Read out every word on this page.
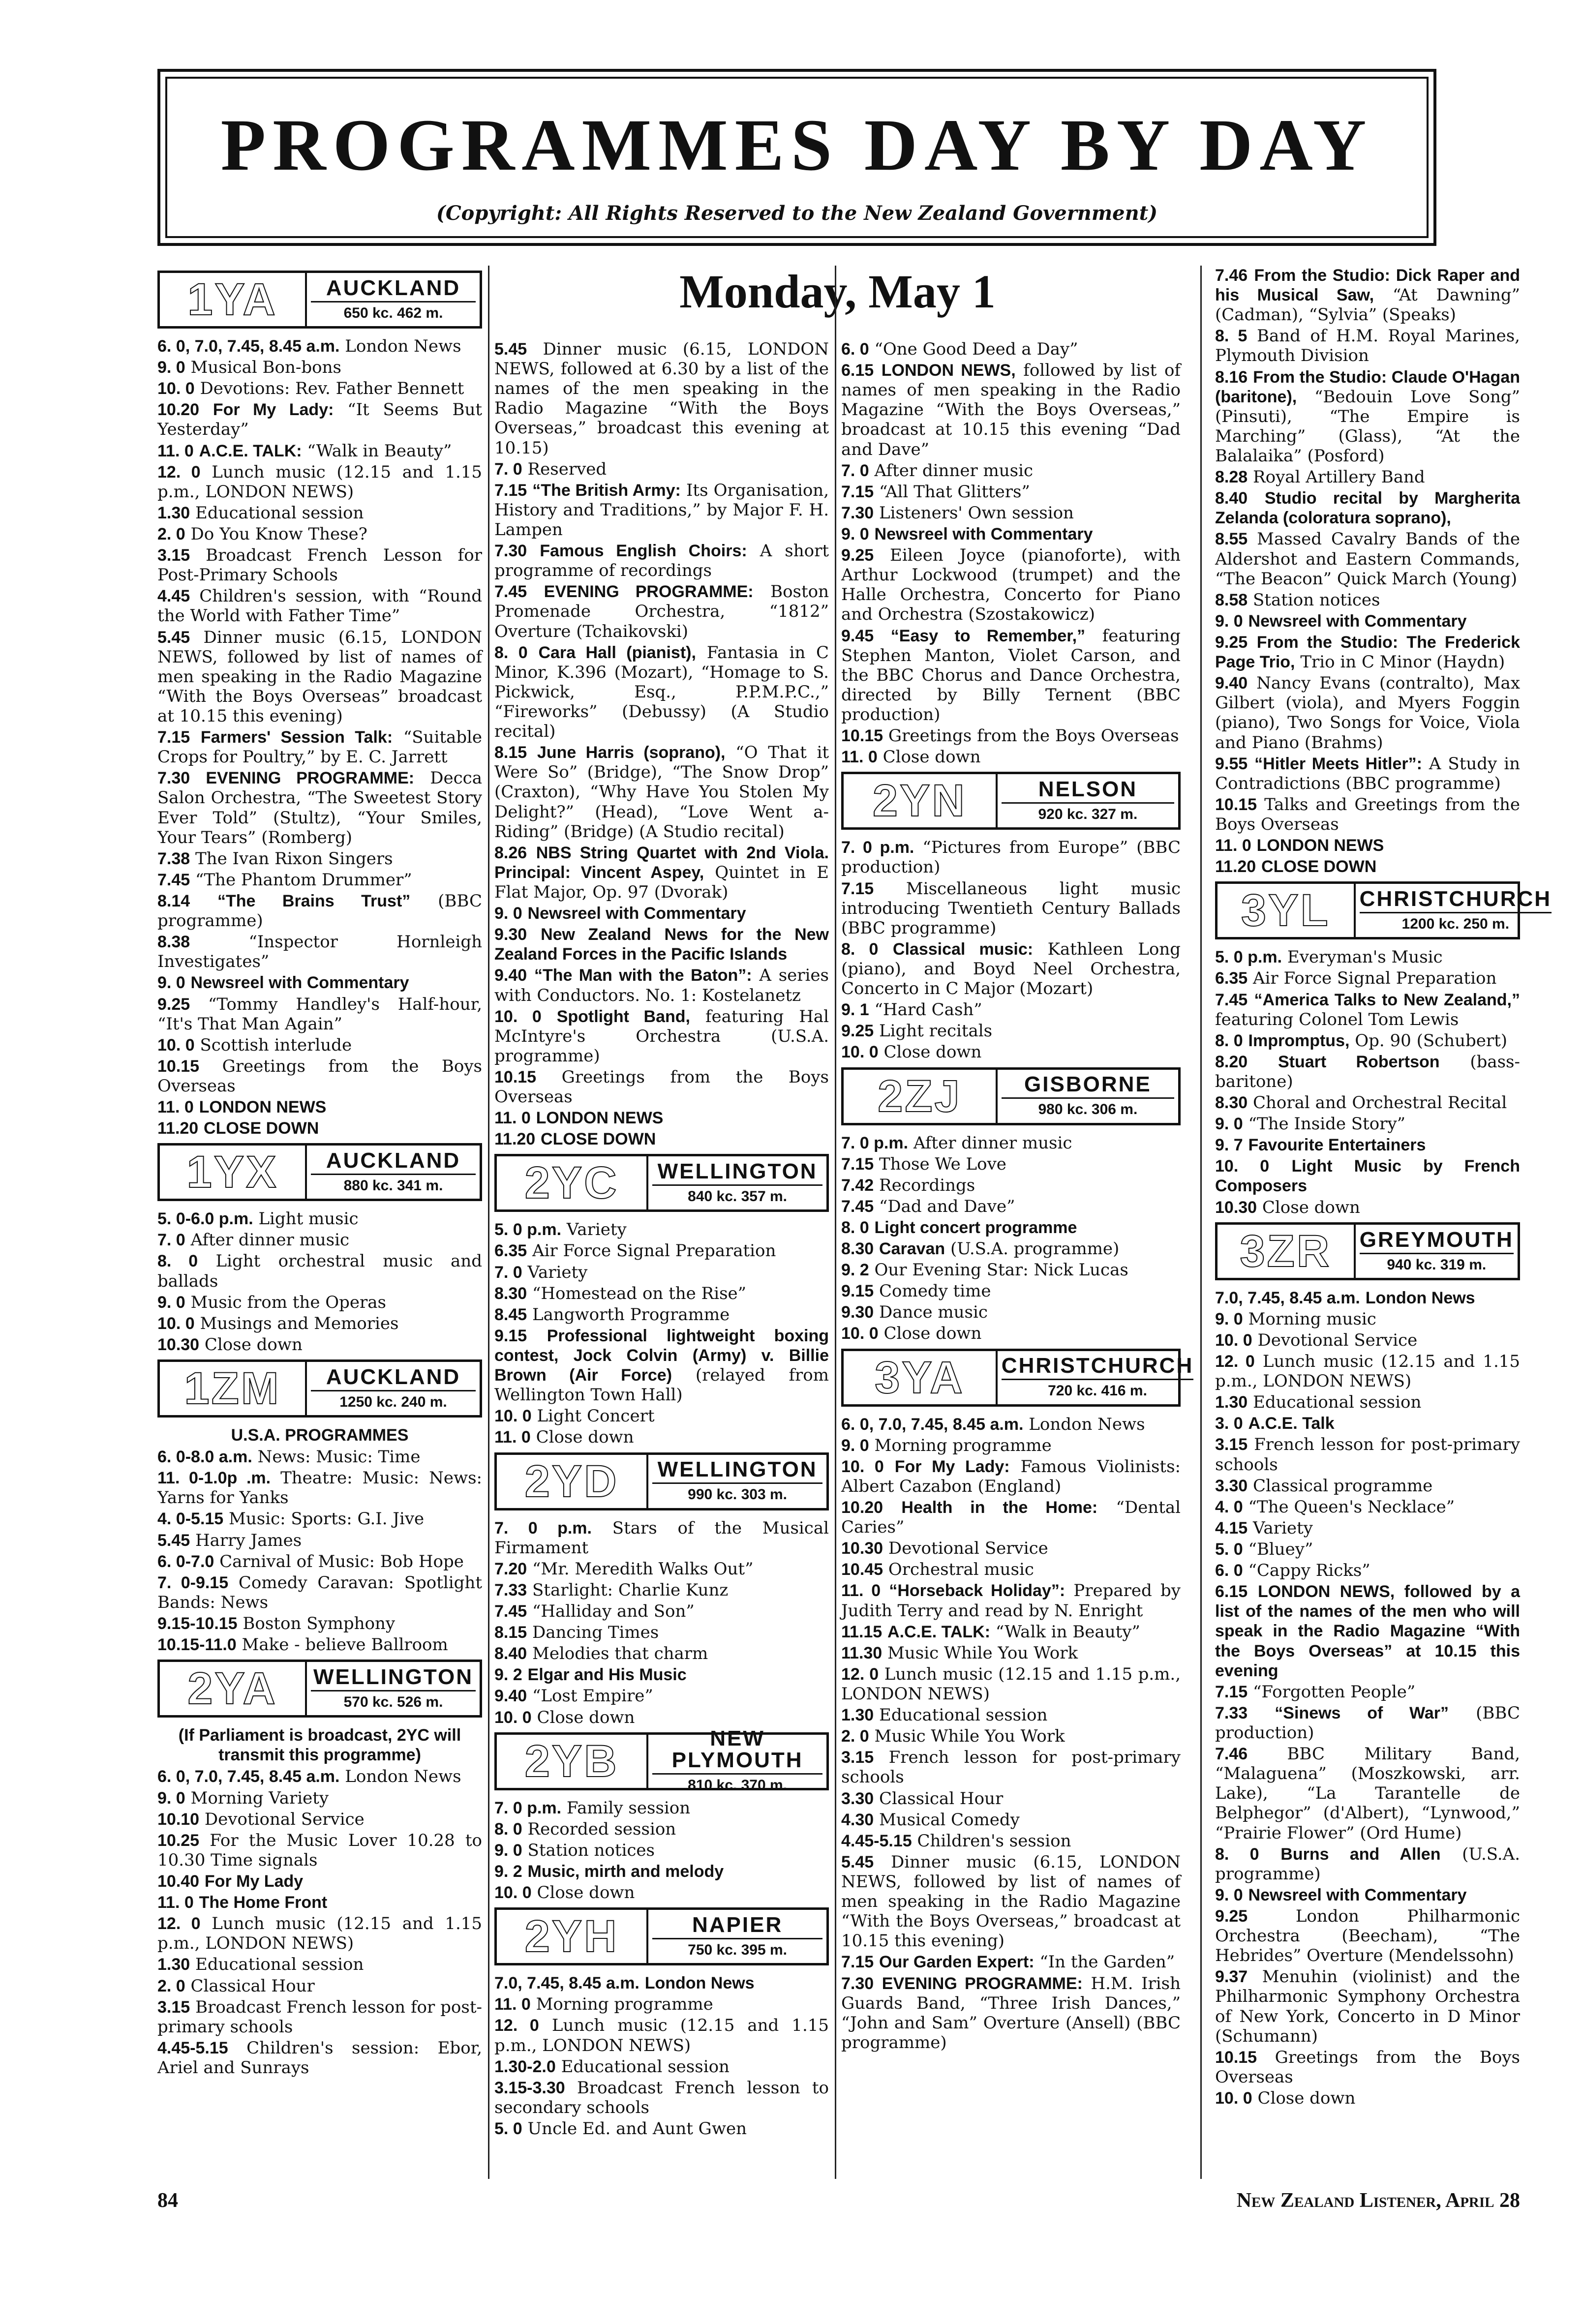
PROGRAMMES DAY BY DAY

(Copyright: All Rights Reserved to the New Zealand Government)

Monday, May 1
1YA	AUCKLAND
650 kc. 462 m.
6. 0, 7.0, 7.45, 8.45 a.m. London News
9. 0 Musical Bon-bons
10. 0 Devotions: Rev. Father Bennett
10.20 For My Lady: “It Seems But Yesterday”
11. 0 A.C.E. TALK: “Walk in Beauty”
12. 0 Lunch music (12.15 and 1.15 p.m., LONDON NEWS)
1.30 Educational session
2. 0 Do You Know These?
3.15 Broadcast French Lesson for Post-Primary Schools
4.45 Children's session, with “Round the World with Father Time”
5.45 Dinner music (6.15, LONDON NEWS, followed by list of names of men speaking in the Radio Magazine “With the Boys Overseas” broadcast at 10.15 this evening)
7.15 Farmers' Session Talk: “Suitable Crops for Poultry,” by E. C. Jarrett
7.30 EVENING PROGRAMME: Decca Salon Orchestra, “The Sweetest Story Ever Told” (Stultz), “Your Smiles, Your Tears” (Romberg)
7.38 The Ivan Rixon Singers
7.45 “The Phantom Drummer”
8.14 “The Brains Trust” (BBC programme)
8.38	“Inspector Hornleigh Investigates”
9. 0 Newsreel with Commentary
9.25 “Tommy Handley's Half-hour, “It's That Man Again”
10. 0 Scottish interlude
10.15 Greetings from the Boys Overseas
11. 0 LONDON NEWS
11.20 CLOSE DOWN
1YX	AUCKLAND
880 kc. 341 m.
5. 0-6.0 p.m. Light music
7. 0 After dinner music
8. 0 Light orchestral music and ballads
9. 0 Music from the Operas
10. 0 Musings and Memories
10.30 Close down
1ZM	AUCKLAND
1250 kc. 240 m.
U.S.A. PROGRAMMES
6. 0-8.0 a.m. News: Music: Time
11. 0-1.0p .m. Theatre: Music: News: Yarns for Yanks
4. 0-5.15 Music: Sports: G.I. Jive
5.45 Harry James
6. 0-7.0 Carnival of Music: Bob Hope
7. 0-9.15 Comedy Caravan: Spotlight Bands: News
9.15-10.15 Boston Symphony
10.15-11.0 Make - believe Ballroom
2YA	WELLINGTON
570 kc. 526 m.
(If Parliament is broadcast, 2YC will transmit this programme)
6. 0, 7.0, 7.45, 8.45 a.m. London News
9. 0 Morning Variety
10.10 Devotional Service
10.25 For the Music Lover 10.28 to 10.30 Time signals
10.40 For My Lady
11. 0 The Home Front
12. 0 Lunch music (12.15 and 1.15 p.m., LONDON NEWS)
1.30 Educational session
2. 0 Classical Hour
3.15 Broadcast French lesson for post-primary schools
4.45-5.15 Children's session: Ebor, Ariel and Sunrays
5.45 Dinner music (6.15, LONDON NEWS, followed at 6.30 by a list of the names of the men speaking in the Radio Magazine “With the Boys Overseas,” broadcast this evening at 10.15)
7. 0 Reserved
7.15 “The British Army: Its Organisation, History and Traditions,” by Major F. H. Lampen
7.30 Famous English Choirs: A short programme of recordings
7.45 EVENING PROGRAMME: Boston Promenade Orchestra, “1812” Overture (Tchaikovski)
8. 0 Cara Hall (pianist), Fantasia in C Minor, K.396 (Mozart), “Homage to S. Pickwick, Esq., P.P.M.P.C.,” “Fireworks” (Debussy) (A Studio recital)
8.15 June Harris (soprano), “O That it Were So” (Bridge), “The Snow Drop” (Craxton), “Why Have You Stolen My Delight?” (Head), “Love Went a-Riding” (Bridge) (A Studio recital)
8.26 NBS String Quartet with 2nd Viola. Principal: Vincent Aspey, Quintet in E Flat Major, Op. 97 (Dvorak)
9. 0 Newsreel with Commentary
9.30 New Zealand News for the New Zealand Forces in the Pacific Islands
9.40 “The Man with the Baton”: A series with Conductors. No. 1: Kostelanetz
10. 0 Spotlight Band, featuring Hal McIntyre's Orchestra (U.S.A. programme)
10.15 Greetings from the Boys Overseas
11. 0 LONDON NEWS
11.20 CLOSE DOWN
2YC	WELLINGTON
840 kc. 357 m.
5. 0 p.m. Variety
6.35 Air Force Signal Preparation
7. 0 Variety
8.30 “Homestead on the Rise”
8.45 Langworth Programme
9.15 Professional lightweight boxing contest, Jock Colvin (Army) v. Billie Brown (Air Force) (relayed from Wellington Town Hall)
10. 0 Light Concert
11. 0 Close down
2YD	WELLINGTON
990 kc. 303 m.
7. 0 p.m. Stars of the Musical Firmament
7.20 “Mr. Meredith Walks Out”
7.33 Starlight: Charlie Kunz
7.45 “Halliday and Son”
8.15 Dancing Times
8.40 Melodies that charm
9. 2 Elgar and His Music
9.40 “Lost Empire”
10. 0 Close down
2YB	NEW PLYMOUTH
810 kc. 370 m.
7. 0 p.m. Family session
8. 0 Recorded session
9. 0 Station notices
9. 2 Music, mirth and melody
10. 0 Close down
2YH	NAPIER
750 kc. 395 m.
7.0, 7.45, 8.45 a.m. London News
11. 0 Morning programme
12. 0 Lunch music (12.15 and 1.15 p.m., LONDON NEWS)
1.30-2.0 Educational session
3.15-3.30 Broadcast French lesson to secondary schools
5. 0 Uncle Ed. and Aunt Gwen
6. 0 “One Good Deed a Day”
6.15 LONDON NEWS, followed by list of names of men speaking in the Radio Magazine “With the Boys Overseas,” broadcast at 10.15 this evening “Dad and Dave”
7. 0 After dinner music
7.15 “All That Glitters”
7.30 Listeners' Own session
9. 0 Newsreel with Commentary
9.25 Eileen Joyce (pianoforte), with Arthur Lockwood (trumpet) and the Halle Orchestra, Concerto for Piano and Orchestra (Szostakowicz)
9.45 “Easy to Remember,” featuring Stephen Manton, Violet Carson, and the BBC Chorus and Dance Orchestra, directed by Billy Ternent (BBC production)
10.15 Greetings from the Boys Overseas
11. 0 Close down
2YN	NELSON
920 kc. 327 m.
7. 0 p.m. “Pictures from Europe” (BBC production)
7.15 Miscellaneous light music introducing Twentieth Century Ballads (BBC programme)
8. 0 Classical music: Kathleen Long (piano), and Boyd Neel Orchestra, Concerto in C Major (Mozart)
9. 1 “Hard Cash”
9.25 Light recitals
10. 0 Close down
2ZJ	GISBORNE
980 kc. 306 m.
7. 0 p.m. After dinner music
7.15 Those We Love
7.42 Recordings
7.45 “Dad and Dave”
8. 0 Light concert programme
8.30 Caravan (U.S.A. programme)
9. 2 Our Evening Star: Nick Lucas
9.15 Comedy time
9.30 Dance music
10. 0 Close down
3YA	CHRISTCHURCH
720 kc. 416 m.
6. 0, 7.0, 7.45, 8.45 a.m. London News
9. 0 Morning programme
10. 0 For My Lady: Famous Violinists: Albert Cazabon (England)
10.20 Health in the Home: “Dental Caries”
10.30 Devotional Service
10.45 Orchestral music
11. 0 “Horseback Holiday”: Prepared by Judith Terry and read by N. Enright
11.15 A.C.E. TALK: “Walk in Beauty”
11.30 Music While You Work
12. 0 Lunch music (12.15 and 1.15 p.m., LONDON NEWS)
1.30 Educational session
2. 0 Music While You Work
3.15 French lesson for post-primary schools
3.30 Classical Hour
4.30 Musical Comedy
4.45-5.15 Children's session
5.45 Dinner music (6.15, LONDON NEWS, followed by list of names of men speaking in the Radio Magazine “With the Boys Overseas,” broadcast at 10.15 this evening)
7.15 Our Garden Expert: “In the Garden”
7.30 EVENING PROGRAMME: H.M. Irish Guards Band, “Three Irish Dances,” “John and Sam” Overture (Ansell) (BBC programme)
7.46 From the Studio: Dick Raper and his Musical Saw, “At Dawning” (Cadman), “Sylvia” (Speaks)
8. 5 Band of H.M. Royal Marines, Plymouth Division
8.16 From the Studio: Claude O'Hagan (baritone), “Bedouin Love Song” (Pinsuti), “The Empire is Marching” (Glass), “At the Balalaika” (Posford)
8.28 Royal Artillery Band
8.40 Studio recital by Margherita Zelanda (coloratura soprano),
8.55 Massed Cavalry Bands of the Aldershot and Eastern Commands, “The Beacon” Quick March (Young)
8.58 Station notices
9. 0 Newsreel with Commentary
9.25 From the Studio: The Frederick Page Trio, Trio in C Minor (Haydn)
9.40 Nancy Evans (contralto), Max Gilbert (viola), and Myers Foggin (piano), Two Songs for Voice, Viola and Piano (Brahms)
9.55 “Hitler Meets Hitler”: A Study in Contradictions (BBC programme)
10.15 Talks and Greetings from the Boys Overseas
11. 0 LONDON NEWS
11.20 CLOSE DOWN
3YL	CHRISTCHURCH
1200 kc. 250 m.
5. 0 p.m. Everyman's Music
6.35 Air Force Signal Preparation
7.45 “America Talks to New Zealand,” featuring Colonel Tom Lewis
8. 0 Impromptus, Op. 90 (Schubert)
8.20 Stuart Robertson (bass-baritone)
8.30 Choral and Orchestral Recital
9. 0 “The Inside Story”
9. 7 Favourite Entertainers
10. 0 Light Music by French Composers
10.30 Close down
3ZR	GREYMOUTH
940 kc. 319 m.
7.0, 7.45, 8.45 a.m. London News
9. 0 Morning music
10. 0 Devotional Service
12. 0 Lunch music (12.15 and 1.15 p.m., LONDON NEWS)
1.30 Educational session
3. 0 A.C.E. Talk
3.15 French lesson for post-primary schools
3.30 Classical programme
4. 0 “The Queen's Necklace”
4.15 Variety
5. 0 “Bluey”
6. 0 “Cappy Ricks”
6.15 LONDON NEWS, followed by a list of the names of the men who will speak in the Radio Magazine “With the Boys Overseas” at 10.15 this evening
7.15 “Forgotten People”
7.33 “Sinews of War” (BBC production)
7.46 BBC Military Band, “Malaguena” (Moszkowski, arr. Lake), “La Tarantelle de Belphegor” (d'Albert), “Lynwood,” “Prairie Flower” (Ord Hume)
8. 0 Burns and Allen (U.S.A. programme)
9. 0 Newsreel with Commentary
9.25	London Philharmonic Orchestra (Beecham), “The Hebrides” Overture (Mendelssohn)
9.37 Menuhin (violinist) and the Philharmonic Symphony Orchestra of New York, Concerto in D Minor (Schumann)
10.15 Greetings from the Boys Overseas
10. 0 Close down
84	New Zealand Listener, April 28
